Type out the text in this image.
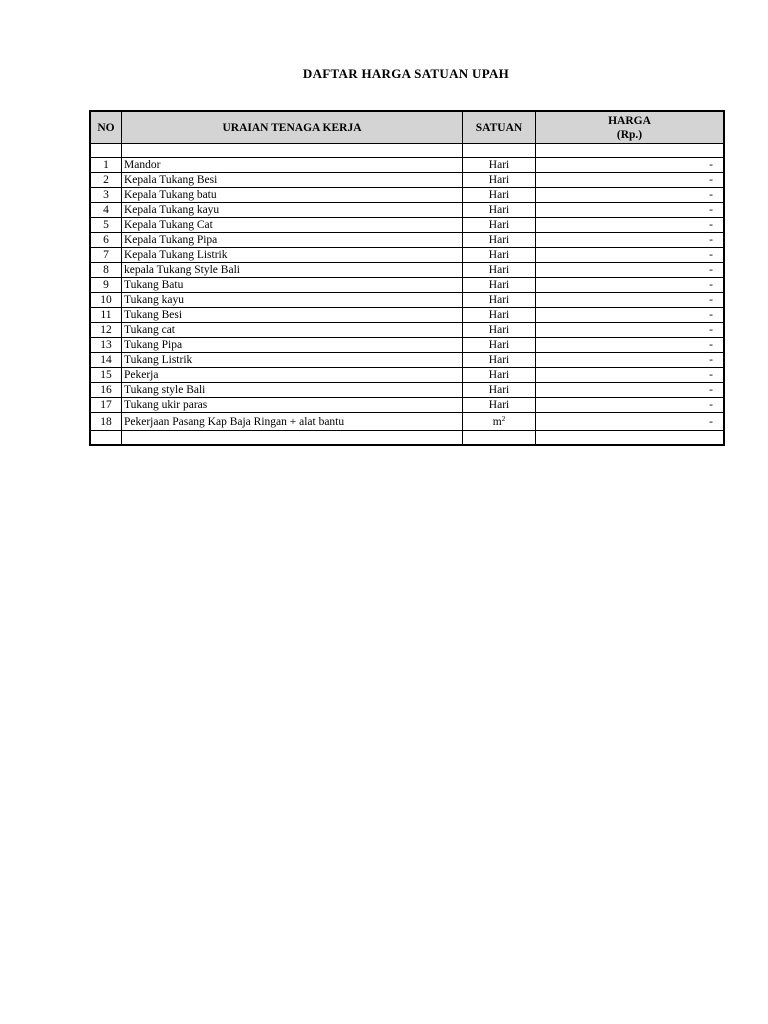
DAFTAR HARGA SATUAN UPAH
NO	URAIAN TENAGA KERJA	SATUAN	HARGA
(Rp.)

1	Mandor	Hari	-
2	Kepala Tukang Besi	Hari	-
3	Kepala Tukang batu	Hari	-
4	Kepala Tukang kayu	Hari	-
5	Kepala Tukang Cat	Hari	-
6	Kepala Tukang Pipa	Hari	-
7	Kepala Tukang Listrik	Hari	-
8	kepala Tukang Style Bali	Hari	-
9	Tukang Batu	Hari	-
10	Tukang kayu	Hari	-
11	Tukang Besi	Hari	-
12	Tukang cat	Hari	-
13	Tukang Pipa	Hari	-
14	Tukang Listrik	Hari	-
15	Pekerja	Hari	-
16	Tukang style Bali	Hari	-
17	Tukang ukir paras	Hari	-
18	Pekerjaan Pasang Kap Baja Ringan + alat bantu	$m^2$	-
